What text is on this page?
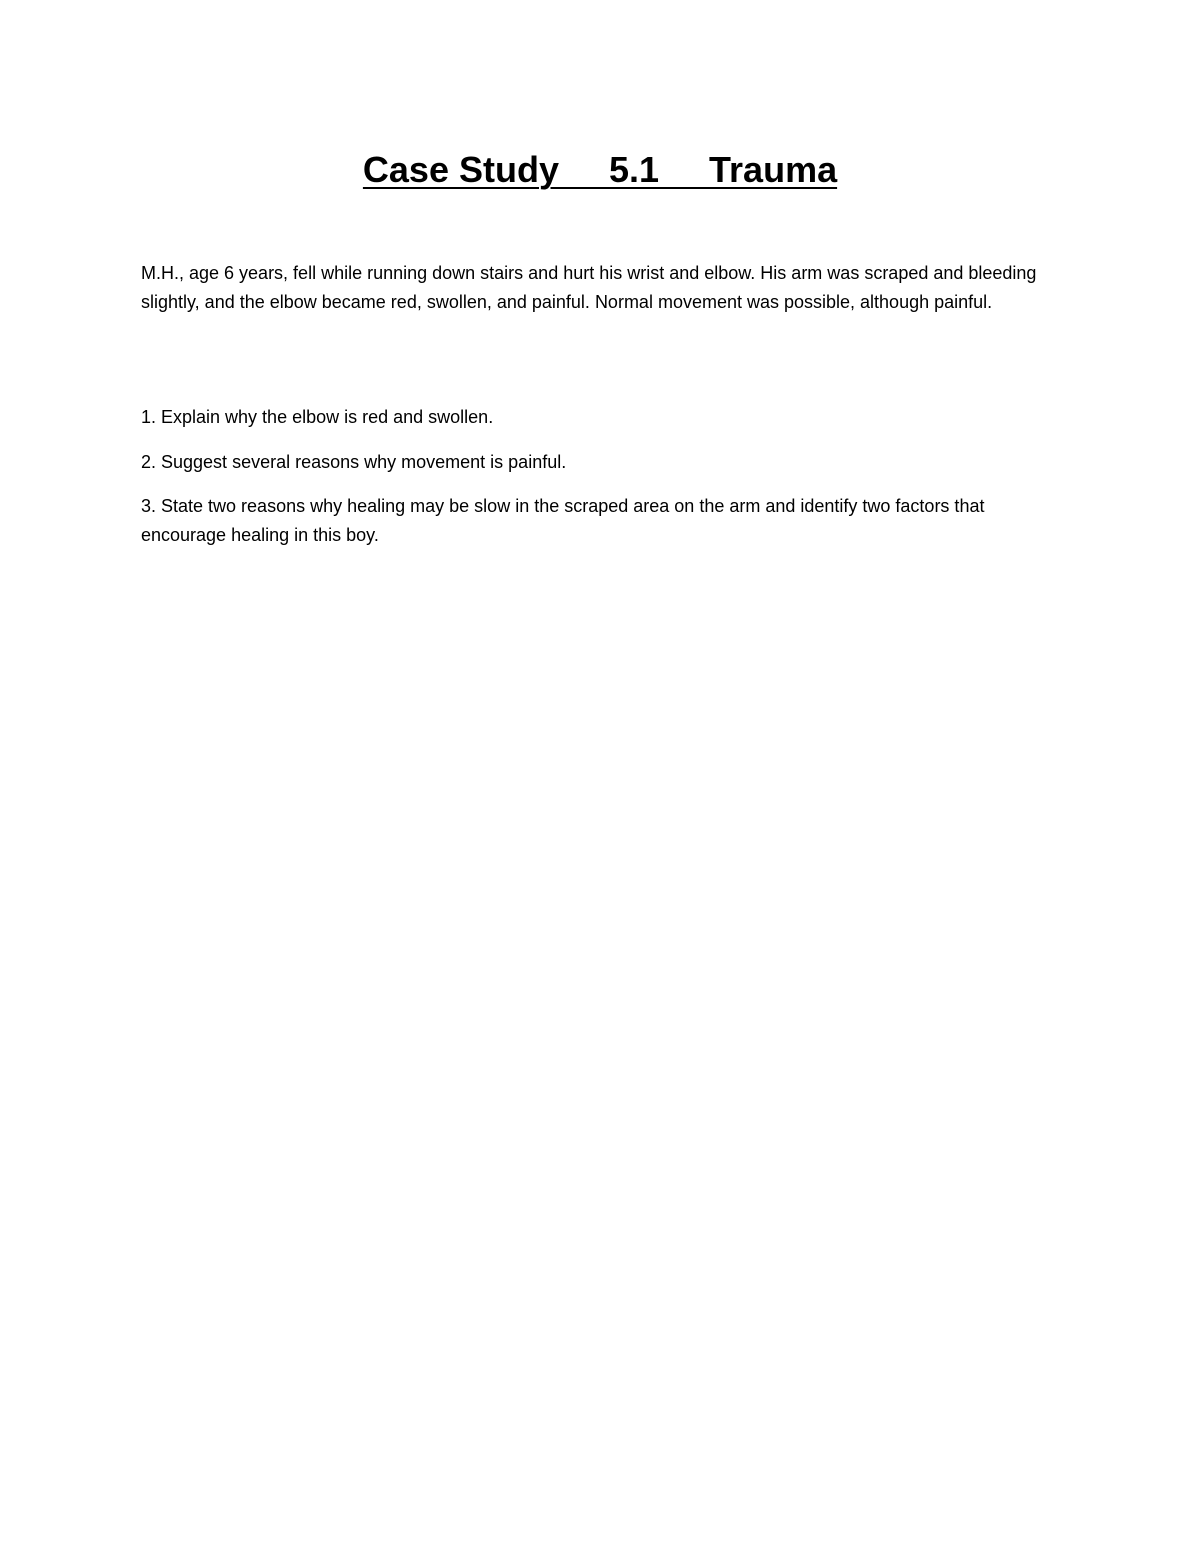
Case Study     5.1     Trauma

M.H., age 6 years, fell while running down stairs and hurt his wrist and elbow. His arm was scraped and bleeding slightly, and the elbow became red, swollen, and painful. Normal movement was possible, although painful.

1. Explain why the elbow is red and swollen.

2. Suggest several reasons why movement is painful.

3. State two reasons why healing may be slow in the scraped area on the arm and identify two factors that encourage healing in this boy.
